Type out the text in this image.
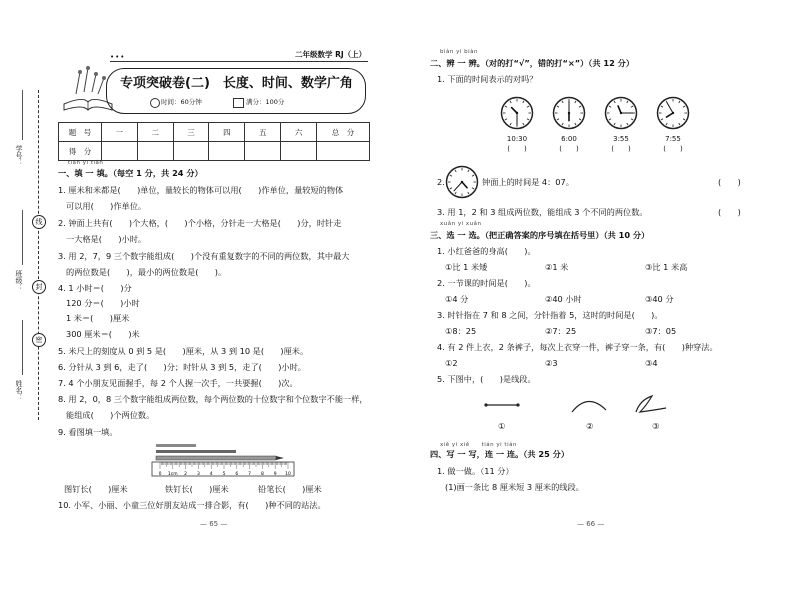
学号：
班级：
姓名：
线
封
密
•••	二年级数学 RJ（上）
专项突破卷(二)　长度、时间、数学广角
时间：60分钟	满分：100分
题　号	一	二	三	四	五	六	总　分
得　分							
tián yi tián
一、填 一 填。（每空 1 分，共 24 分）
1. 厘米和米都是(　　)单位，量较长的物体可以用(　　)作单位，量较短的物体
可以用(　　)作单位。
2. 钟面上共有(　　)个大格，(　　)个小格，分针走一大格是(　　)分，时针走
一大格是(　　)小时。
3. 用 2，7，9 三个数字能组成(　　)个没有重复数字的不同的两位数，其中最大
的两位数是(　　)，最小的两位数是(　　)。
4. 1 小时＝(　　)分
120 分＝(　　)小时
1 米＝(　　)厘米
300 厘米＝(　　)米
5. 米尺上的刻度从 0 到 5 是(　　)厘米，从 3 到 10 是(　　)厘米。
6. 分针从 3 到 6，走了(　　)分；时针从 3 到 5，走了(　　)小时。
7. 4 个小朋友见面握手，每 2 个人握一次手，一共要握(　　)次。
8. 用 2，0，8 三个数字能组成两位数，每个两位数的十位数字和个位数字不能一样，
能组成(　　)个两位数。
9. 看图填一填。
0 1cm 2 3 4 5 6 7 8 9 10
图钉长(　　)厘米	铁钉长(　　)厘米	铅笔长(　　)厘米
10. 小军、小丽、小童三位好朋友站成一排合影，有(　　)种不同的站法。
— 65 —
biàn yi biàn
二、辨 一 辨。（对的打“√”，错的打“×”）（共 12 分）
1. 下面的时间表示的对吗？
10:30
(　　)
6:00
(　　)
3:55
(　　)
7:55
(　　)
2.	钟面上的时间是 4：07。	(　　)
3. 用 1，2 和 3 组成两位数，能组成 3 个不同的两位数。	(　　)
xuǎn yi xuǎn
三、选 一 选。（把正确答案的序号填在括号里）（共 10 分）
1. 小红爸爸的身高(　　)。
①比 1 米矮	②1 米	③比 1 米高
2. 一节课的时间是(　　)。
①4 分	②40 小时	③40 分
3. 时针指在 7 和 8 之间，分针指着 5，这时的时间是(　　)。
①8：25	②7：25	③7：05
4. 有 2 件上衣，2 条裤子，每次上衣穿一件，裤子穿一条，有(　　)种穿法。
①2	②3	③4
5. 下图中，(　　)是线段。
①	②	③
xiě yi xiě　　tián yi tián
四、写 一 写，连 一 连。（共 25 分）
1. 做一做。（11 分）
(1)画一条比 8 厘米短 3 厘米的线段。
— 66 —
